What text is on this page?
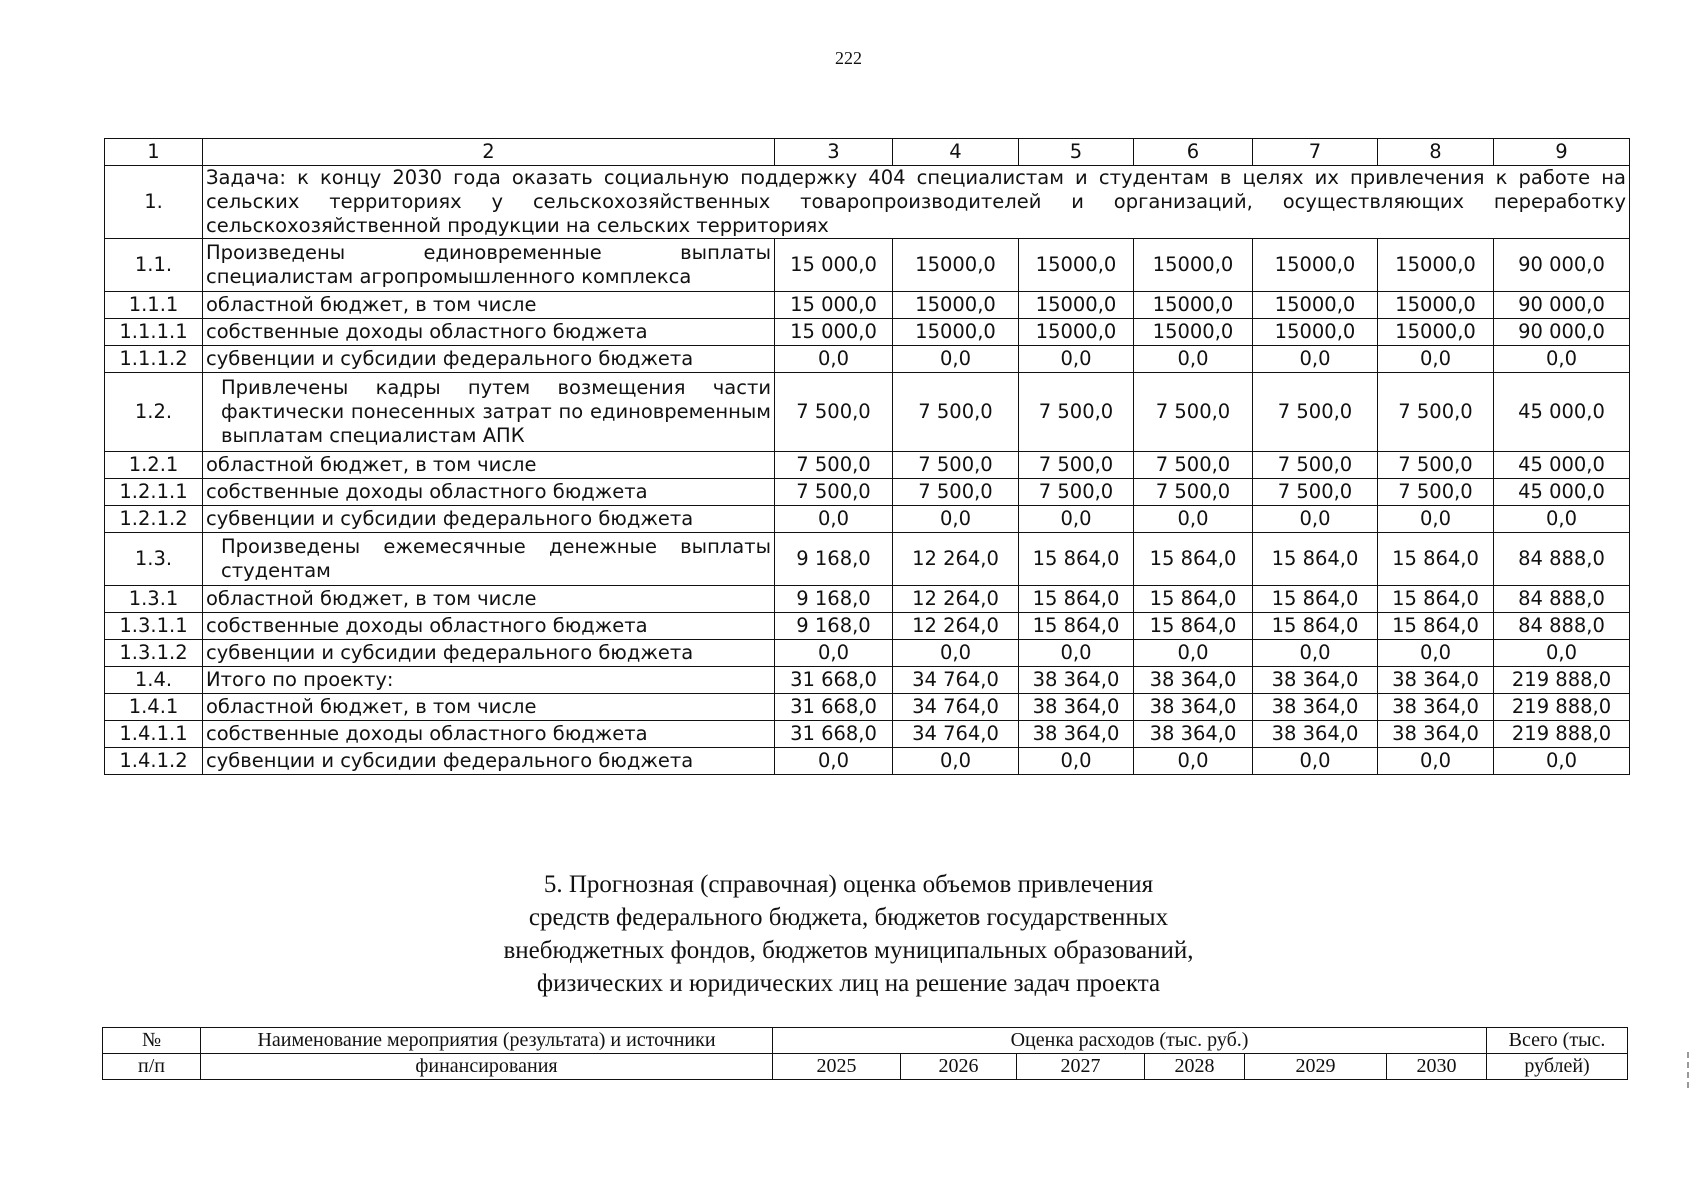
222
1	2	3	4	5	6	7	8	9
1.	Задача: к концу 2030 года оказать социальную поддержку 404 специалистам и студентам в целях их привлечения к работе на сельских территориях у сельскохозяйственных товаропроизводителей и организаций, осуществляющих переработку сельскохозяйственной продукции на сельских территориях							
1.1.	Произведены единовременные выплаты специалистам агропромышленного комплекса	15 000,0	15000,0	15000,0	15000,0	15000,0	15000,0	90 000,0
1.1.1	областной бюджет, в том числе	15 000,0	15000,0	15000,0	15000,0	15000,0	15000,0	90 000,0
1.1.1.1	собственные доходы областного бюджета	15 000,0	15000,0	15000,0	15000,0	15000,0	15000,0	90 000,0
1.1.1.2	субвенции и субсидии федерального бюджета	0,0	0,0	0,0	0,0	0,0	0,0	0,0
1.2.	Привлечены кадры путем возмещения части фактически понесенных затрат по единовременным выплатам специалистам АПК	7 500,0	7 500,0	7 500,0	7 500,0	7 500,0	7 500,0	45 000,0
1.2.1	областной бюджет, в том числе	7 500,0	7 500,0	7 500,0	7 500,0	7 500,0	7 500,0	45 000,0
1.2.1.1	собственные доходы областного бюджета	7 500,0	7 500,0	7 500,0	7 500,0	7 500,0	7 500,0	45 000,0
1.2.1.2	субвенции и субсидии федерального бюджета	0,0	0,0	0,0	0,0	0,0	0,0	0,0
1.3.	Произведены ежемесячные денежные выплаты студентам	9 168,0	12 264,0	15 864,0	15 864,0	15 864,0	15 864,0	84 888,0
1.3.1	областной бюджет, в том числе	9 168,0	12 264,0	15 864,0	15 864,0	15 864,0	15 864,0	84 888,0
1.3.1.1	собственные доходы областного бюджета	9 168,0	12 264,0	15 864,0	15 864,0	15 864,0	15 864,0	84 888,0
1.3.1.2	субвенции и субсидии федерального бюджета	0,0	0,0	0,0	0,0	0,0	0,0	0,0
1.4.	Итого по проекту:	31 668,0	34 764,0	38 364,0	38 364,0	38 364,0	38 364,0	219 888,0
1.4.1	областной бюджет, в том числе	31 668,0	34 764,0	38 364,0	38 364,0	38 364,0	38 364,0	219 888,0
1.4.1.1	собственные доходы областного бюджета	31 668,0	34 764,0	38 364,0	38 364,0	38 364,0	38 364,0	219 888,0
1.4.1.2	субвенции и субсидии федерального бюджета	0,0	0,0	0,0	0,0	0,0	0,0	0,0
5. Прогнозная (справочная) оценка объемов привлечения
средств федерального бюджета, бюджетов государственных
внебюджетных фондов, бюджетов муниципальных образований,
физических и юридических лиц на решение задач проекта
№	Наименование мероприятия (результата) и источники	Оценка расходов (тыс. руб.)						Всего (тыс.
п/п	финансирования	2025	2026	2027	2028	2029	2030	рублей)
